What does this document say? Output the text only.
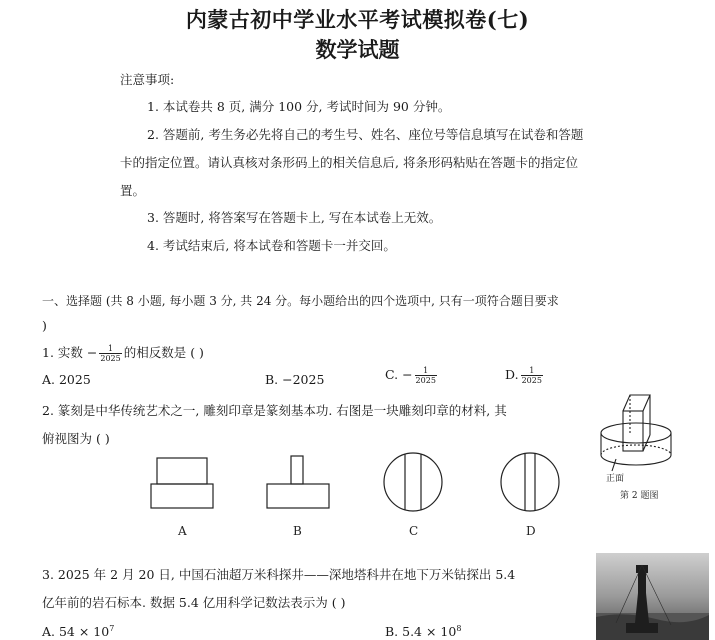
内蒙古初中学业水平考试模拟卷(七)
数学试题
注意事项:
1. 本试卷共 8 页, 满分 100 分, 考试时间为 90 分钟。
2. 答题前, 考生务必先将自己的考生号、姓名、座位号等信息填写在试卷和答题
卡的指定位置。请认真核对条形码上的相关信息后, 将条形码粘贴在答题卡的指定位
置。
3. 答题时, 将答案写在答题卡上, 写在本试卷上无效。
4. 考试结束后, 将本试卷和答题卡一并交回。
一、选择题 (共 8 小题, 每小题 3 分, 共 24 分。每小题给出的四个选项中, 只有一项符合题目要求
)
1. 实数 − $\frac{1}{2025}$ 的相反数是 ( )
A. 2025	B. −2025	C. − $\frac{1}{2025}$	D. $\frac{1}{2025}$
2. 篆刻是中华传统艺术之一, 雕刻印章是篆刻基本功. 右图是一块雕刻印章的材料, 其
俯视图为 ( )
A	B	C	D
正面
第 2 题图
3. 2025 年 2 月 20 日, 中国石油超万米科探井——深地塔科井在地下万米钻探出 5.4
亿年前的岩石标本. 数据 5.4 亿用科学记数法表示为 ( )
A. $54 \times 10^7$	B. $5.4 \times 10^8$
